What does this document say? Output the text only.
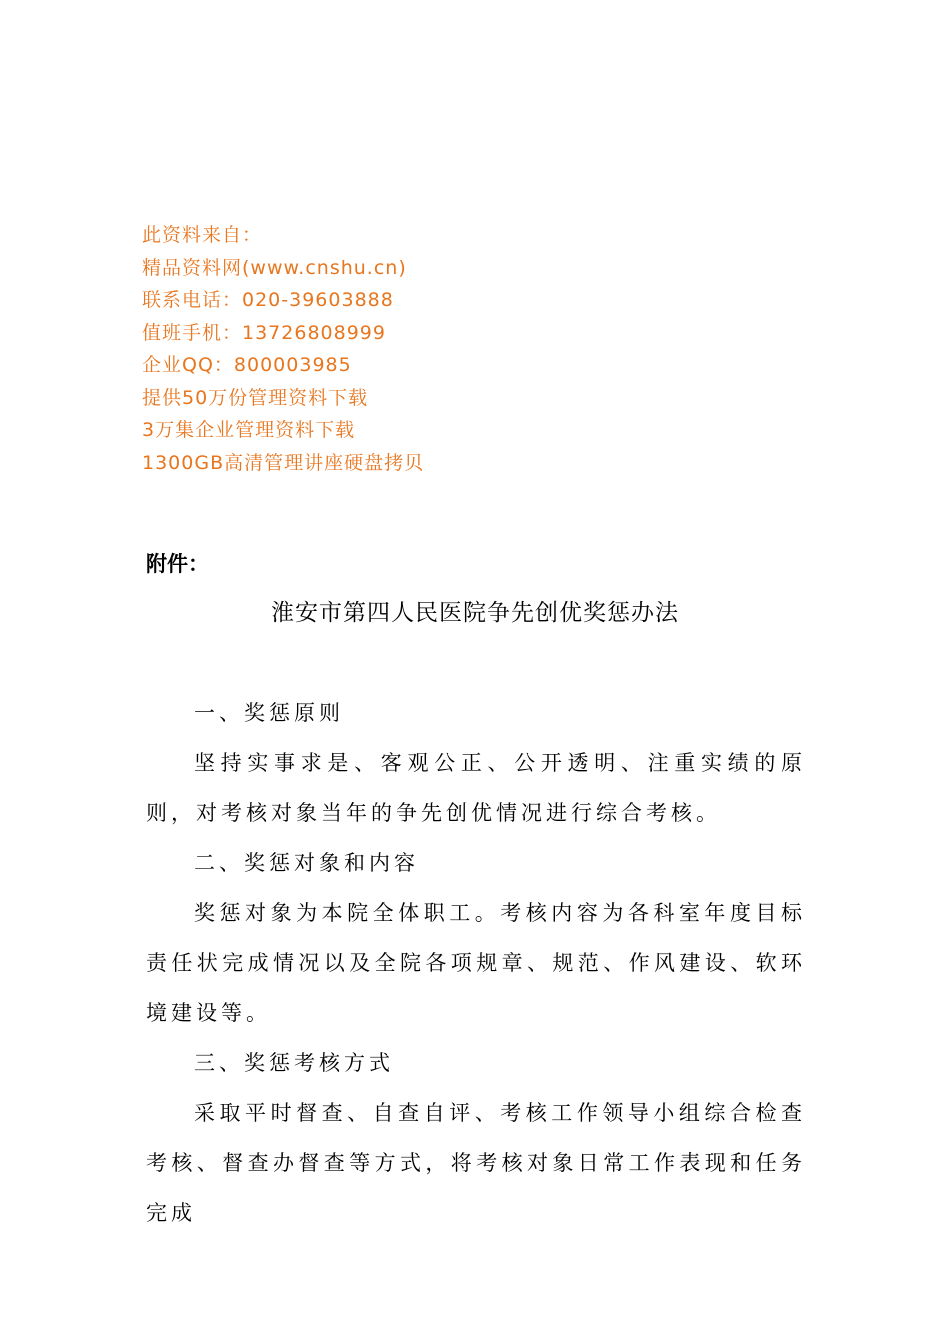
此资料来自：
精品资料网(www.cnshu.cn)
联系电话：020-39603888
值班手机：13726808999
企业QQ：800003985
提供50万份管理资料下载
3万集企业管理资料下载
1300GB高清管理讲座硬盘拷贝
附件：
淮安市第四人民医院争先创优奖惩办法

一、奖惩原则

坚持实事求是、客观公正、公开透明、注重实绩的原则，对考核对象当年的争先创优情况进行综合考核。

二、奖惩对象和内容

奖惩对象为本院全体职工。考核内容为各科室年度目标责任状完成情况以及全院各项规章、规范、作风建设、软环境建设等。

三、奖惩考核方式

采取平时督查、自查自评、考核工作领导小组综合检查考核、督查办督查等方式，将考核对象日常工作表现和任务完成
